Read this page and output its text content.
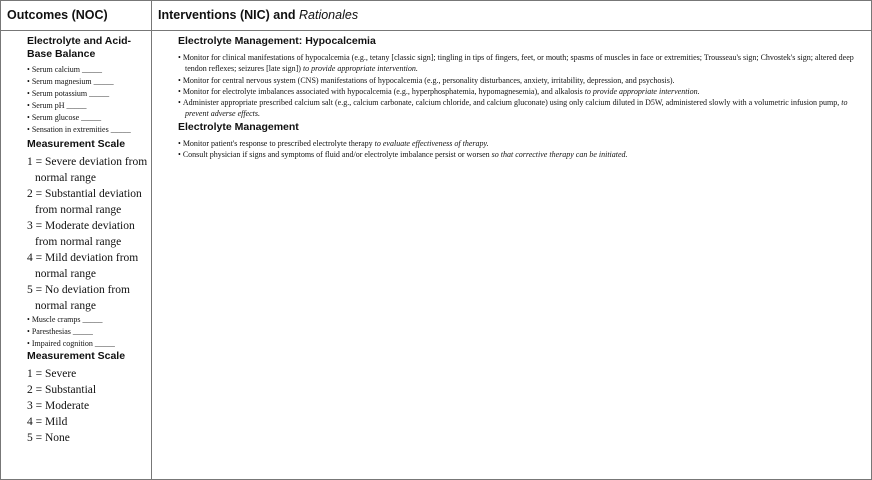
Outcomes (NOC)	Interventions (NIC) and Rationales
Electrolyte and Acid-Base Balance
• Serum calcium _____
• Serum magnesium _____
• Serum potassium _____
• Serum pH _____
• Serum glucose _____
• Sensation in extremities _____
Measurement Scale
1 = Severe deviation from normal range
2 = Substantial deviation from normal range
3 = Moderate deviation from normal range
4 = Mild deviation from normal range
5 = No deviation from normal range
• Muscle cramps _____
• Paresthesias _____
• Impaired cognition _____
Measurement Scale
1 = Severe
2 = Substantial
3 = Moderate
4 = Mild
5 = None
Electrolyte Management: Hypocalcemia
• Monitor for clinical manifestations of hypocalcemia (e.g., tetany [classic sign]; tingling in tips of fingers, feet, or mouth; spasms of muscles in face or extremities; Trousseau's sign; Chvostek's sign; altered deep tendon reflexes; seizures [late sign]) to provide appropriate intervention.
• Monitor for central nervous system (CNS) manifestations of hypocalcemia (e.g., personality disturbances, anxiety, irritability, depression, and psychosis).
• Monitor for electrolyte imbalances associated with hypocalcemia (e.g., hyperphosphatemia, hypomagnesemia), and alkalosis to provide appropriate intervention.
• Administer appropriate prescribed calcium salt (e.g., calcium carbonate, calcium chloride, and calcium gluconate) using only calcium diluted in D5W, administered slowly with a volumetric infusion pump, to prevent adverse effects.
Electrolyte Management
• Monitor patient's response to prescribed electrolyte therapy to evaluate effectiveness of therapy.
• Consult physician if signs and symptoms of fluid and/or electrolyte imbalance persist or worsen so that corrective therapy can be initiated.
